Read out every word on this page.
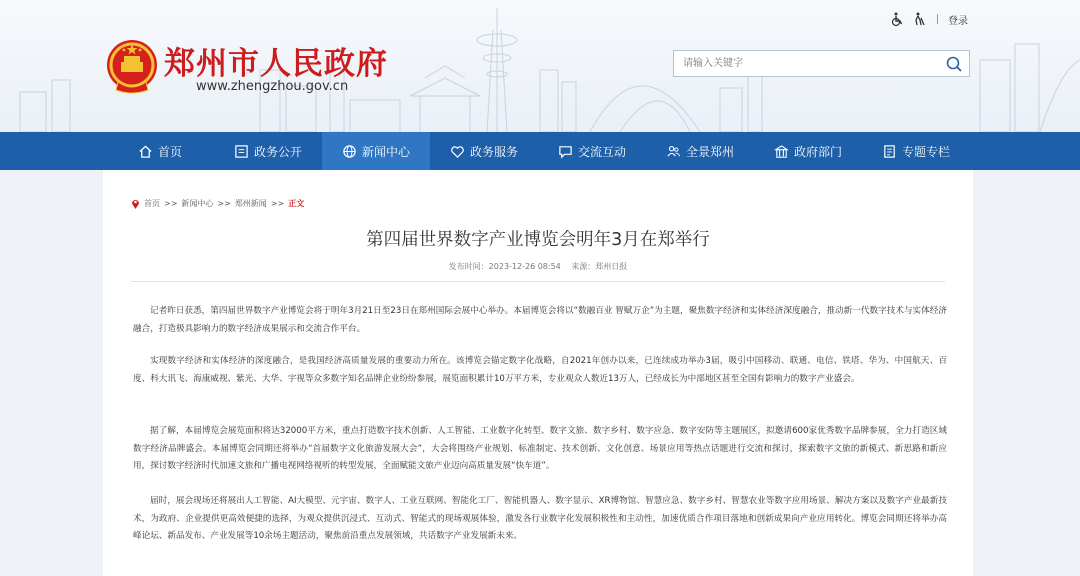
登录
郑州市人民政府
www.zhengzhou.gov.cn
请输入关键字
首页	政务公开	新闻中心	政务服务	交流互动	全景郑州	政府部门	专题专栏
首页 >> 新闻中心 >> 郑州新闻 >> 正文
第四届世界数字产业博览会明年3月在郑举行
发布时间：2023-12-26 08:54 来源：郑州日报

记者昨日获悉，第四届世界数字产业博览会将于明年3月21日至23日在郑州国际会展中心举办。本届博览会将以“数融百业 智赋万企”为主题，聚焦数字经济和实体经济深度融合，推动新一代数字技术与实体经济融合，打造极具影响力的数字经济成果展示和交流合作平台。

实现数字经济和实体经济的深度融合，是我国经济高质量发展的重要动力所在。该博览会锚定数字化战略，自2021年创办以来，已连续成功举办3届，吸引中国移动、联通、电信、铁塔、华为、中国航天、百度、科大讯飞、海康威视、紫光、大华、宇视等众多数字知名品牌企业纷纷参展，展览面积累计10万平方米，专业观众人数近13万人，已经成长为中部地区甚至全国有影响力的数字产业盛会。

据了解，本届博览会展览面积将达32000平方米，重点打造数字技术创新、人工智能、工业数字化转型、数字文旅、数字乡村、数字应急、数字安防等主题展区，拟邀请600家优秀数字品牌参展，全力打造区域数字经济品牌盛会。本届博览会同期还将举办“首届数字文化旅游发展大会”，大会将围绕产业规划、标准制定、技术创新、文化创意、场景应用等热点话题进行交流和探讨，探索数字文旅的新模式、新思路和新应用，探讨数字经济时代加速文旅和广播电视网络视听的转型发展，全面赋能文旅产业迈向高质量发展“快车道”。

届时，展会现场还将展出人工智能、AI大模型、元宇宙、数字人、工业互联网、智能化工厂、智能机器人、数字显示、XR博物馆、智慧应急、数字乡村、智慧农业等数字应用场景、解决方案以及数字产业最新技术，为政府、企业提供更高效便捷的选择，为观众提供沉浸式、互动式、智能式的现场观展体验，激发各行业数字化发展积极性和主动性，加速优质合作项目落地和创新成果向产业应用转化。博览会同期还将举办高峰论坛、新品发布、产业发展等10余场主题活动，聚焦前沿重点发展领域，共话数字产业发展新未来。
